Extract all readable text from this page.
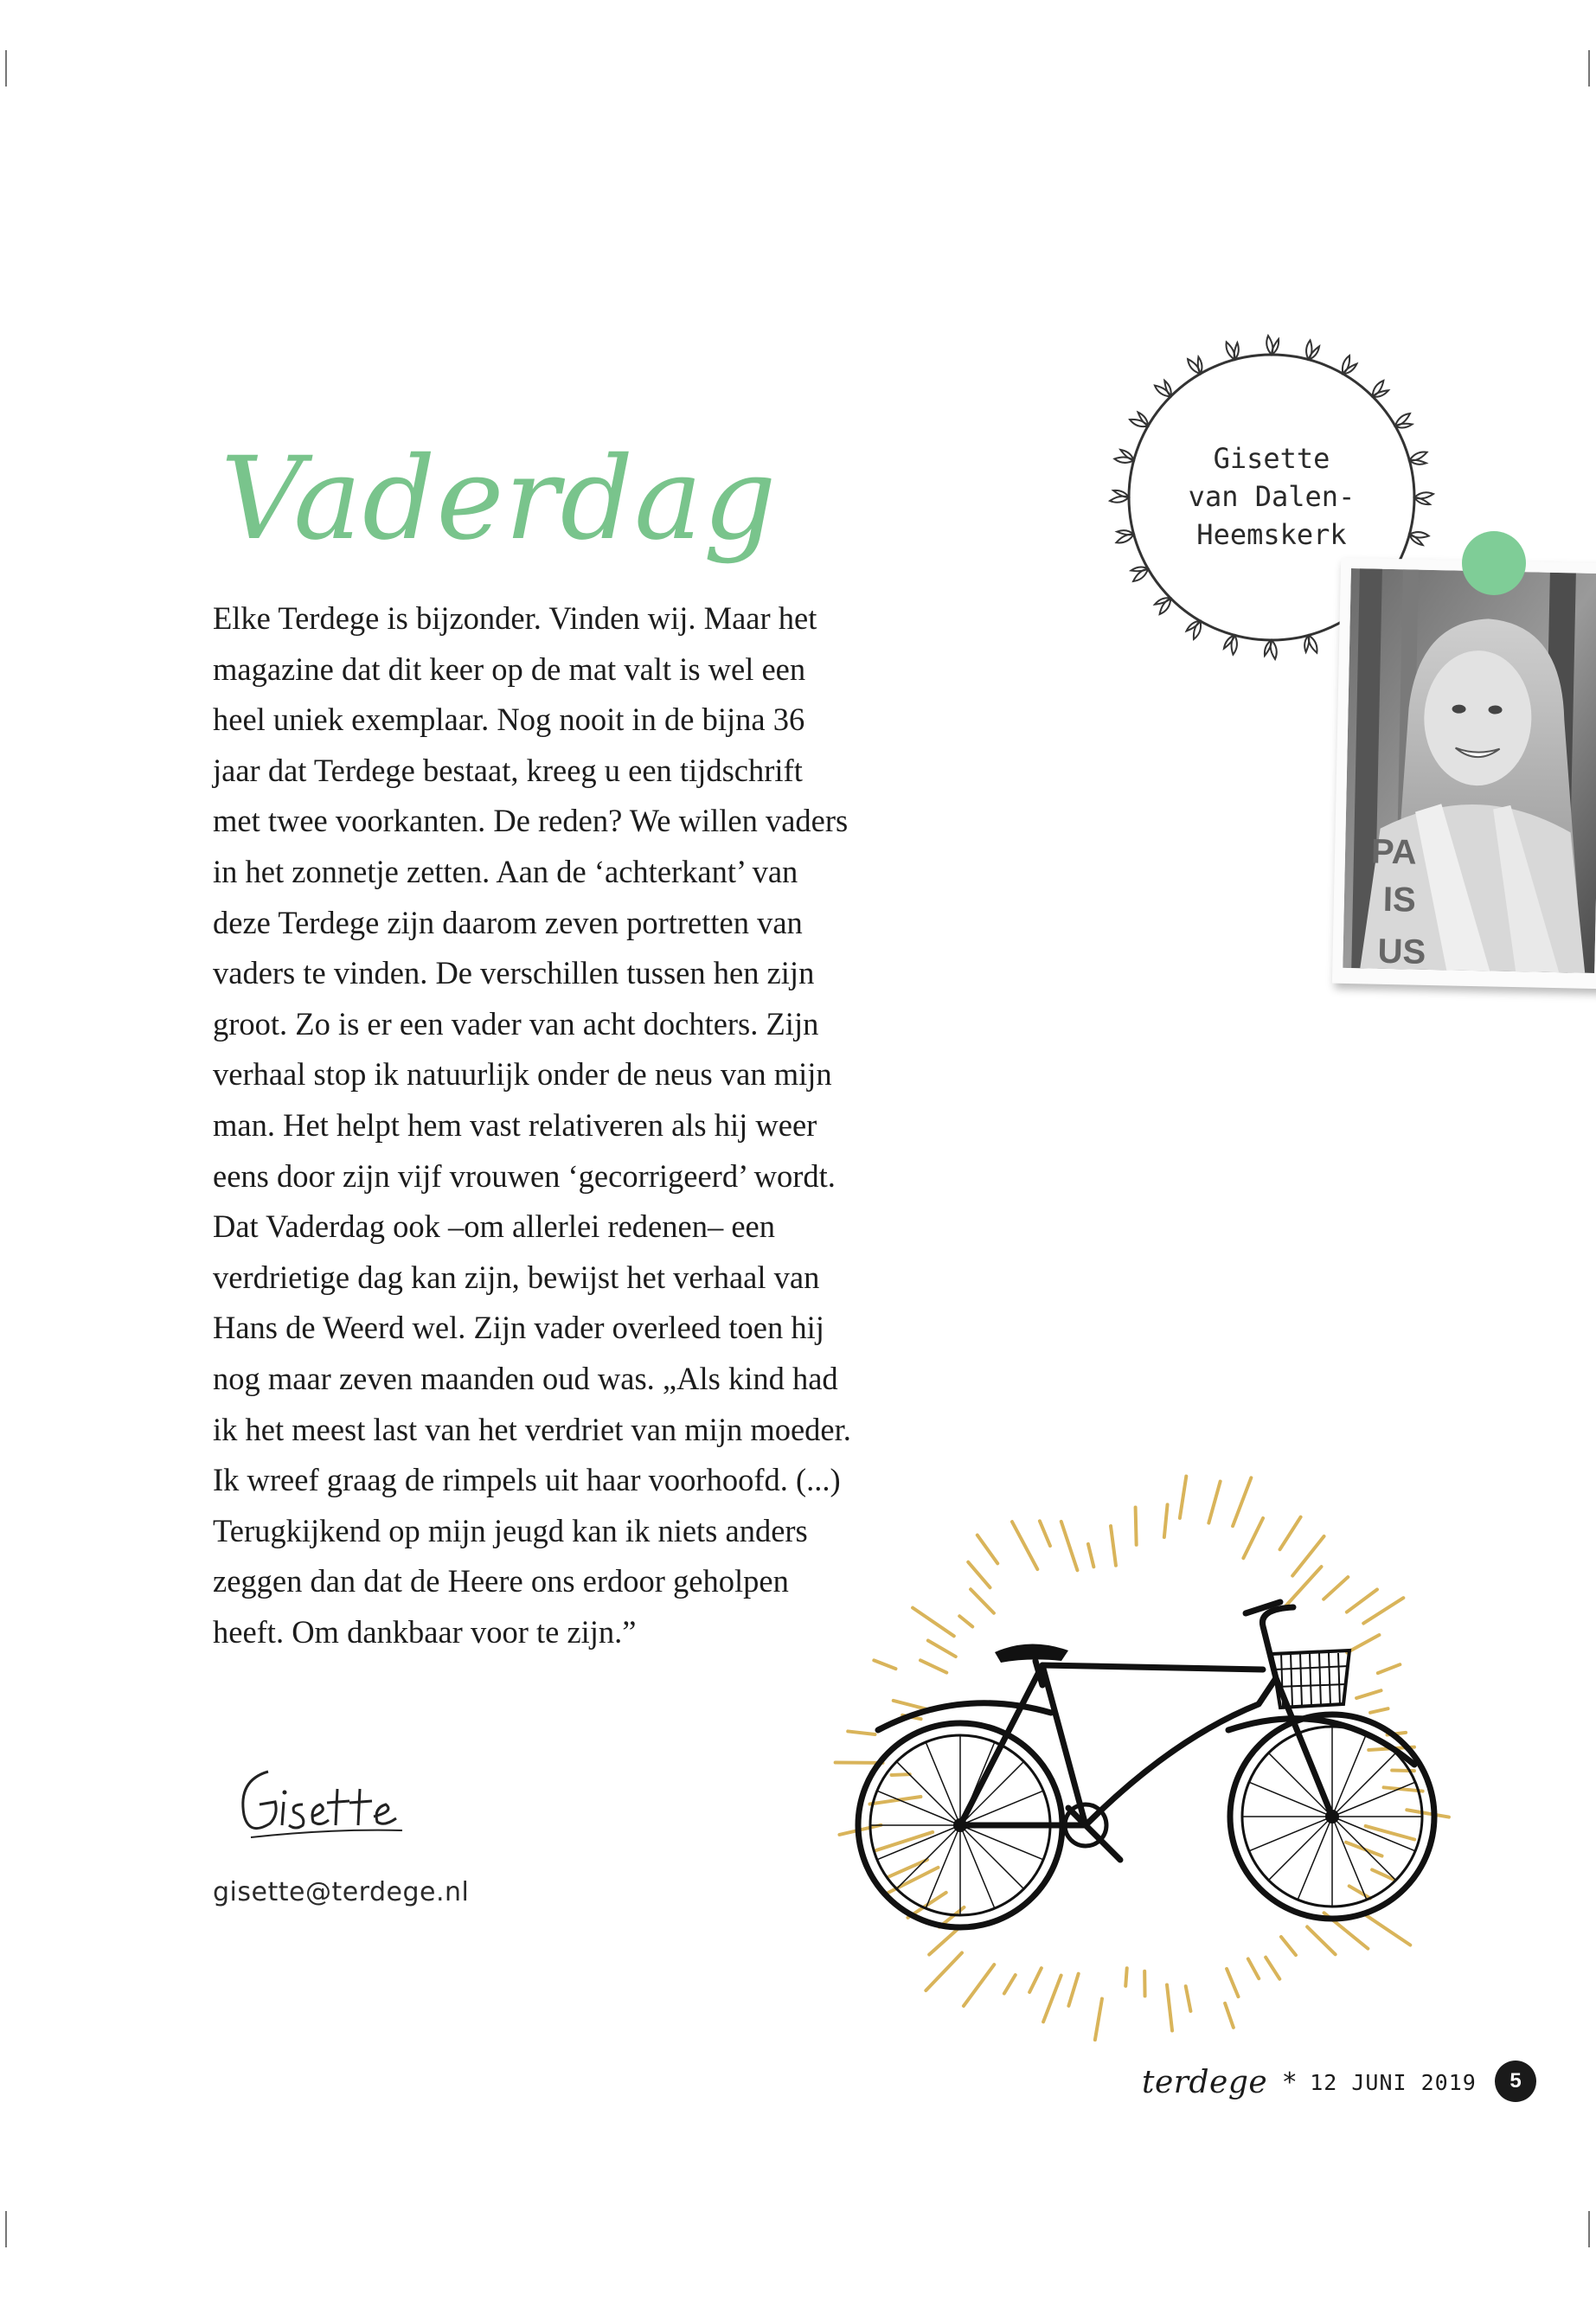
Vaderdag
Elke Terdege is bijzonder. Vinden wij. Maar het
magazine dat dit keer op de mat valt is wel een
heel uniek exemplaar. Nog nooit in de bijna 36
jaar dat Terdege bestaat, kreeg u een tijdschrift
met twee voorkanten. De reden? We willen vaders
in het zonnetje zetten. Aan de ‘achterkant’ van
deze Terdege zijn daarom zeven portretten van
vaders te vinden. De verschillen tussen hen zijn
groot. Zo is er een vader van acht dochters. Zijn
verhaal stop ik natuurlijk onder de neus van mijn
man. Het helpt hem vast relativeren als hij weer
eens door zijn vijf vrouwen ‘gecorrigeerd’ wordt.
Dat Vaderdag ook –om allerlei redenen– een
verdrietige dag kan zijn, bewijst het verhaal van
Hans de Weerd wel. Zijn vader overleed toen hij
nog maar zeven maanden oud was. „Als kind had
ik het meest last van het verdriet van mijn moeder.
Ik wreef graag de rimpels uit haar voorhoofd. (...)
Terugkijkend op mijn jeugd kan ik niets anders
zeggen dan dat de Heere ons erdoor geholpen
heeft. Om dankbaar voor te zijn.”
Gisette
van Dalen-
Heemskerk
PA
IS
US
gisette@terdege.nl
terdege * 12 JUNI 2019	5
